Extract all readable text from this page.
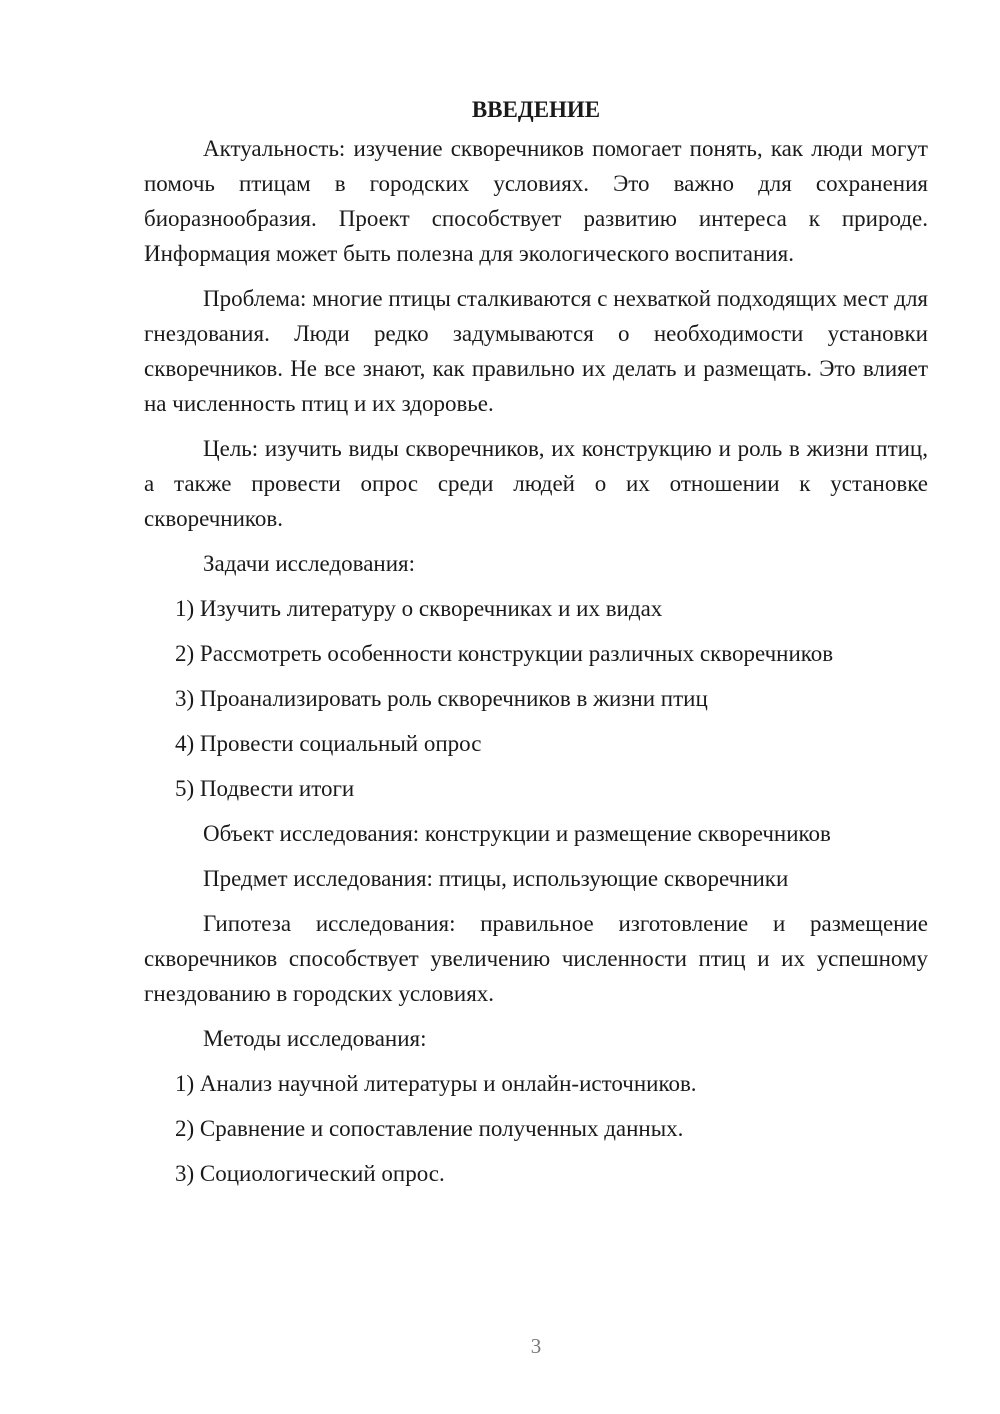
ВВЕДЕНИЕ
Актуальность: изучение скворечников помогает понять, как люди могут помочь птицам в городских условиях. Это важно для сохранения биоразнообразия. Проект способствует развитию интереса к природе. Информация может быть полезна для экологического воспитания.
Проблема: многие птицы сталкиваются с нехваткой подходящих мест для гнездования. Люди редко задумываются о необходимости установки скворечников. Не все знают, как правильно их делать и размещать. Это влияет на численность птиц и их здоровье.
Цель: изучить виды скворечников, их конструкцию и роль в жизни птиц, а также провести опрос среди людей о их отношении к установке скворечников.
Задачи исследования:
1) Изучить литературу о скворечниках и их видах
2) Рассмотреть особенности конструкции различных скворечников
3) Проанализировать роль скворечников в жизни птиц
4) Провести социальный опрос
5) Подвести итоги
Объект исследования: конструкции и размещение скворечников
Предмет исследования: птицы, использующие скворечники
Гипотеза исследования: правильное изготовление и размещение скворечников способствует увеличению численности птиц и их успешному гнездованию в городских условиях.
Методы исследования:
1) Анализ научной литературы и онлайн-источников.
2) Сравнение и сопоставление полученных данных.
3) Социологический опрос.
3
